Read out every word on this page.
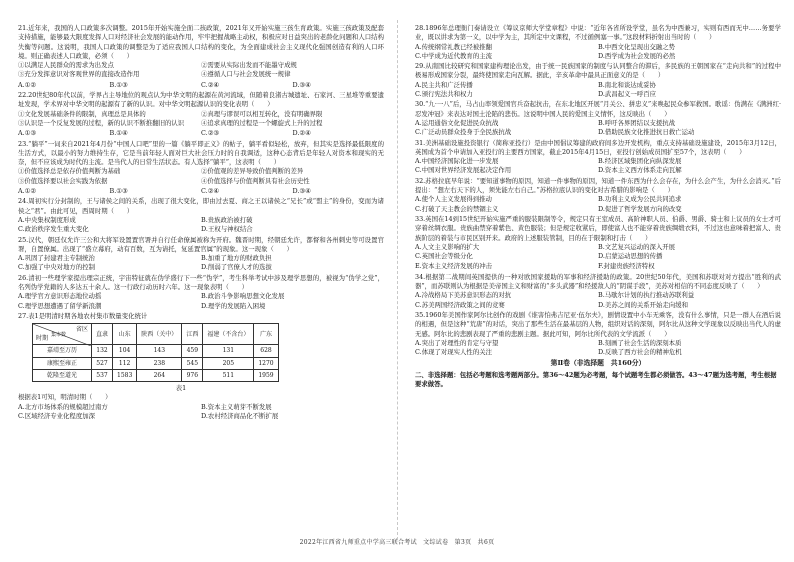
21.近年来，我国的人口政策多次调整。2015年开始实施全面二孩政策，2021年又开始实施三孩生育政策。实施三孩政策及配套支持措施，能够最大限度发挥人口对经济社会发展的能动作用，牢牢把握战略主动权，积极应对日益突出的老龄化问题和人口结构失衡等问题。这说明，我国人口政策的调整是为了适应我国人口结构的变化，为全面建成社会主义现代化强国创造有利的人口环境。则正确表述人口政策，必须（　　）
①以满足人民群众的需求为出发点	②需要从实际出发而不能墨守成规
③充分发挥意识对客观世界的直接改造作用	④遵循人口与社会发展统一规律
A.①②	B.①③	C.②④	D.③④
22.20世纪80年代以前，学界占主导地位的观点认为中华文明的起源在黄河流域，但随着良渚古城遗址、石家河、三星堆等重要遗址发现，学术界对中华文明的起源有了新的认识。对中华文明起源认识的变化表明（　　）
①文化发展基础条件的限制，真理总是具体的	②真理与谬误可以相互转化，没有明确界限
③认识是一个反复发展的过程，新的认识不断推翻旧的认识	④追求真理的过程是一个螺旋式上升的过程
A.①③	B.①④	C.②③	D.②④
23.“躺平”一词来自2021年4月份“中国人口吧”里的一篇《躺平即正义》的帖子，躺平看似轻松，放弃，但其实是选择最低限度的生活方式，以最小的努力维持生存，它是当前年轻人面对巨大社会压力时的自我调适，这种心态背后是年轻人对资本和现实的无奈，但不应该成为时代的主流。是当代人的日常生活状态。有人选择“躺平”，这表明（　　）
①价值选择总是依存价值判断为基础	②价值观的差异导致价值判断的差异
③价值选择要以社会实践为依据	④价值选择与价值判断具有社会历史性
A.①②	B.①③	C.②④	D.③④
24.周初实行分封制的，王与诸侯之间的关系，出现了很大变化，即由过去夏、商之王以诸侯之“兄长”或“盟主”的身份，变而为诸侯之“君”。由此可见，西周时期（　　）
A.中央集权制度形成	B.贵族政治被打破
C.政治秩序发生重大变化	D.王权与神权结合
25.汉代，朝廷仅允许三公和大将军设置置官署并自行任命僚属被称为开府。魏晋时期，经朝廷允许，都督和各州刺史等可设置官署，自置僚属。出现了“盛立幕府，动有百数，互为请托，复延置官属”的现象。这一现象（　　）
A.巩固了封建君主专制统治	B.加重了地方的财政负担
C.加强了中央对地方的控制	D.削弱了官僚人才的选拔
26.清初一些理学家提出理宗正统，宇宙特征就在伪学盛行下一些“伪学”，考生科举考试中涉及理学思想的，被视为“伪学之党”，名列伪学党籍的人多达五十余人。这一行政行动历时六年。这一现象表明（　　）
A.理学官方意识形态地位动摇	B.政治斗争影响思想文化发展
C.理学思想遭遇了留学新浪潮	D.理学的发展陷入困境
27.表1是明清时期各地农村集市数量变化统计
省区
时期 集市数	直隶	山东	陕西（关中）	江西	福建（不含台）	广东
嘉靖至万历	132	104	143	459	131	628
康熙至雍正	527	112	238	545	205	1270
乾隆至道光	537	1583	264	976	511	1959
表1
根据表1可知，明清时期（　　）
A.北方市场体系的规模超过南方	B.资本主义萌芽不断发展
C.区域经济专业化程度加深	D.农村经济商品化不断扩展
28.1896年总理衙门奏请设立《筹议京师大学堂章程》中说：“近年各省所设学堂，虽名为中西兼习，实则有西而无中……务要学业，既以讲求为第一义，以中学为主，其所定中文课程，不过循例塞一事。”这段材料折射出当时的（　　）
A.传统纲常礼教已经被推翻	B.中西文化呈现出交融之势
C.中学成为近代教育的主流	D.西学成为社会发展的必然
29.从南国比较研究和国家建构理论出发，由于统一民族国家的制度与认同整合的滞后，多民族的王朝国家在“走向共和”的过程中极易形成国家分裂，最终使国家走向瓦解。据此，辛亥革命中最具正面意义的是（　　）
A.民主共和广泛传播	B.南北和谈达成妥协
C.颁行宪法共和权力	D.武昌起义一呼百应
30.“九·一八”后，马占山率领爱国官兵奋起抗击，在东北地区开展“月关公、拼忠义”来唤起民众参军救国。歌谣：伪满在《满洲红·忍发冲冠》来表达对国土沦陷的悲伤。这说明中国人民的爱国主义情怀，这反映出（　　）
A.运用通俗文化促进民众抗战	B.呼吁各界团结以支援抗战
C.广泛动员群众投身于全民族抗战	D.借助民族文化推进抗日救亡运动
31.美洲基础设施投资银行（简称亚投行）是由中国倡议筹建的政府间多边开发机构，重点支持基础设施建设，2015年3月12日，英国成为首个申请加入亚投行的主要西方国家，截止2015年4月15日，亚投行创始成员国扩至57个，这表明（　　）
A.中国经济国际化进一步发展	B.经济区域集团化向纵深发展
C.中国对世界经济发展起决定作用	D.资本主义西方体系走向瓦解
32.苏格拉底早年说：“要知道事物的原因，知道一件事物的原因，知道一件东西为什么会存在，为什么会产生，为什么会消灭。”后提出：“想左右天下的人，须先能左右自己。”苏格拉底认识的变化对古希腊的影响是（　　）
A.使个人主义发展得到推动	B.功利主义成为公民共同追求
C.打破了天主教会的禁锢主义	D.促进了哲学发展方向的改变
33.英国在14到15世纪开始实施严重的服装限制等令，规定只有王室成员、高阶神职人员、伯爵、男爵、骑士和上议员的女士才可穿着丝绸衣服。贵族曲禁穿着紫色、黄色服装；但是规定收紧后，即使富人也不能穿着贵族绸缎衣料，不过这也意味着把富人、贵族阶层的着装与市民区别开来。政府的上述服装管制，目的在于限制和打击（　　）
A.人文主义影响的扩大	B.文艺复兴运动的深入开展
C.英国社会等级分化	D.启蒙运动思想的传播
E.资本主义经济发展的冲击	F.封建贵族经济特权
34.根据第二战期间英国提供的一种对欧国家援助的军事和经济援助的政策。20世纪50年代，美国和苏联对对方提出“胜利的武器”，而苏联则认为根据是美帝国主义和财富的“多头武器”和经援敌人的“阴谋手段”，美苏对相信的不同态度反映了（　　）
A.冷战格局下美苏意识形态的对抗	B.马歇尔计划的执行推动苏联利益
C.苏美两国经济政策之间的竞赛	D.美苏之间的关系开始走向缓和
35.1960年美国作家阿尔比创作的戏剧《谁害怕弗吉尼亚·伍尔夫》，剧情设置中小车无乘客，没有什么事情，只是一群人在酒后说的相遇，但是这种“荒唐”的对话，突出了那些生活在最基层的人物，组织对话的深刻，阿尔比从这种文学现象以反映出当代人的虚无感。阿尔比的悲剧表现了严重的悲剧主题。据此可知，阿尔比所代表的文学流派（　　）
A.突出了对理性的肯定与守望	B.刻画了社会生活的深刻本质
C.体现了对现实人性的关注	D.反映了西方社会的精神危机
第Ⅱ卷（非选择题　共160分）
二、非选择题：包括必考题和选考题两部分。第36～42题为必考题，每个试题考生都必须做答。43～47题为选考题，考生根据要求做答。
2022年江西省九师重点中学高三联合考试　文综试卷　第3页　共6页
